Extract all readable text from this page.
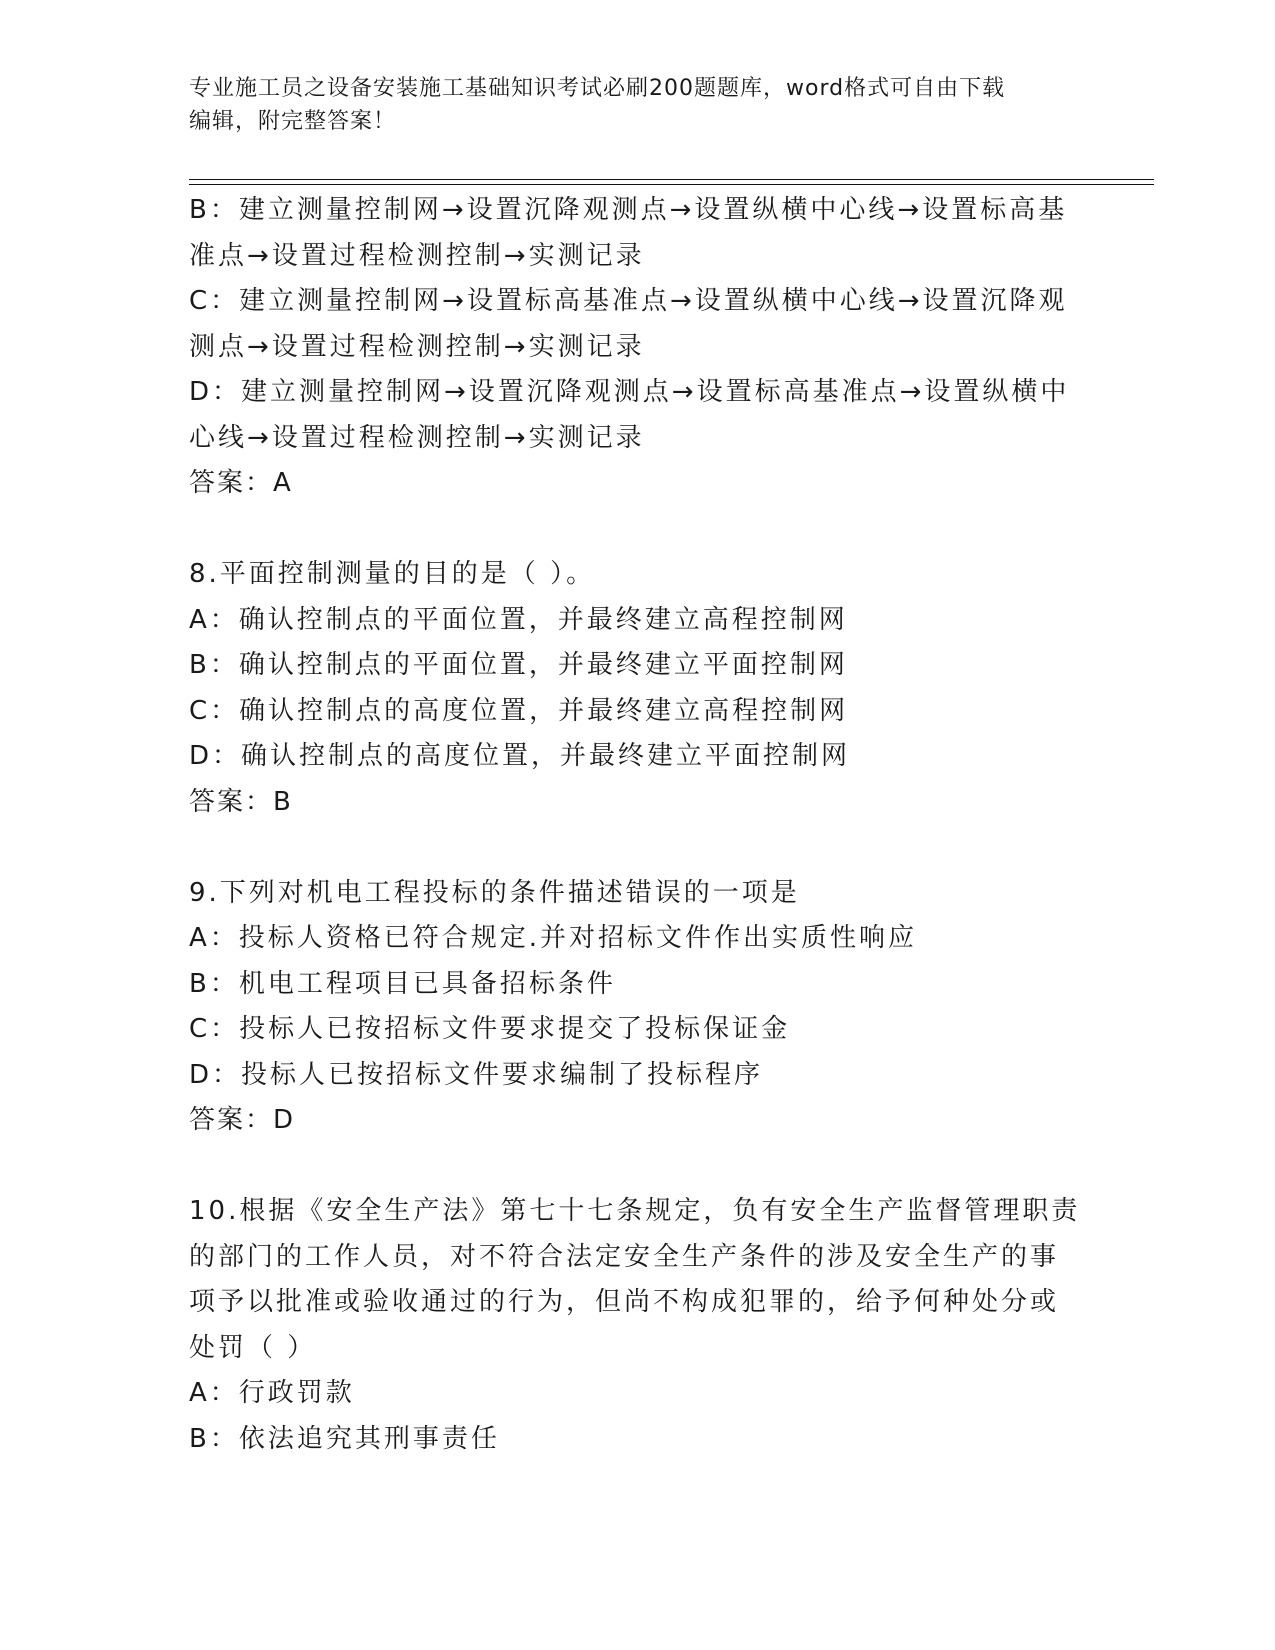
专业施工员之设备安装施工基础知识考试必刷200题题库，word格式可自由下载
编辑，附完整答案！
B：建立测量控制网→设置沉降观测点→设置纵横中心线→设置标高基
准点→设置过程检测控制→实测记录
C：建立测量控制网→设置标高基准点→设置纵横中心线→设置沉降观
测点→设置过程检测控制→实测记录
D：建立测量控制网→设置沉降观测点→设置标高基准点→设置纵横中
心线→设置过程检测控制→实测记录
答案：A
8.平面控制测量的目的是（ ）。
A：确认控制点的平面位置，并最终建立高程控制网
B：确认控制点的平面位置，并最终建立平面控制网
C：确认控制点的高度位置，并最终建立高程控制网
D：确认控制点的高度位置，并最终建立平面控制网
答案：B
9.下列对机电工程投标的条件描述错误的一项是
A：投标人资格已符合规定.并对招标文件作出实质性响应
B：机电工程项目已具备招标条件
C：投标人已按招标文件要求提交了投标保证金
D：投标人已按招标文件要求编制了投标程序
答案：D
10.根据《安全生产法》第七十七条规定，负有安全生产监督管理职责
的部门的工作人员，对不符合法定安全生产条件的涉及安全生产的事
项予以批准或验收通过的行为，但尚不构成犯罪的，给予何种处分或
处罚（ ）
A：行政罚款
B：依法追究其刑事责任
